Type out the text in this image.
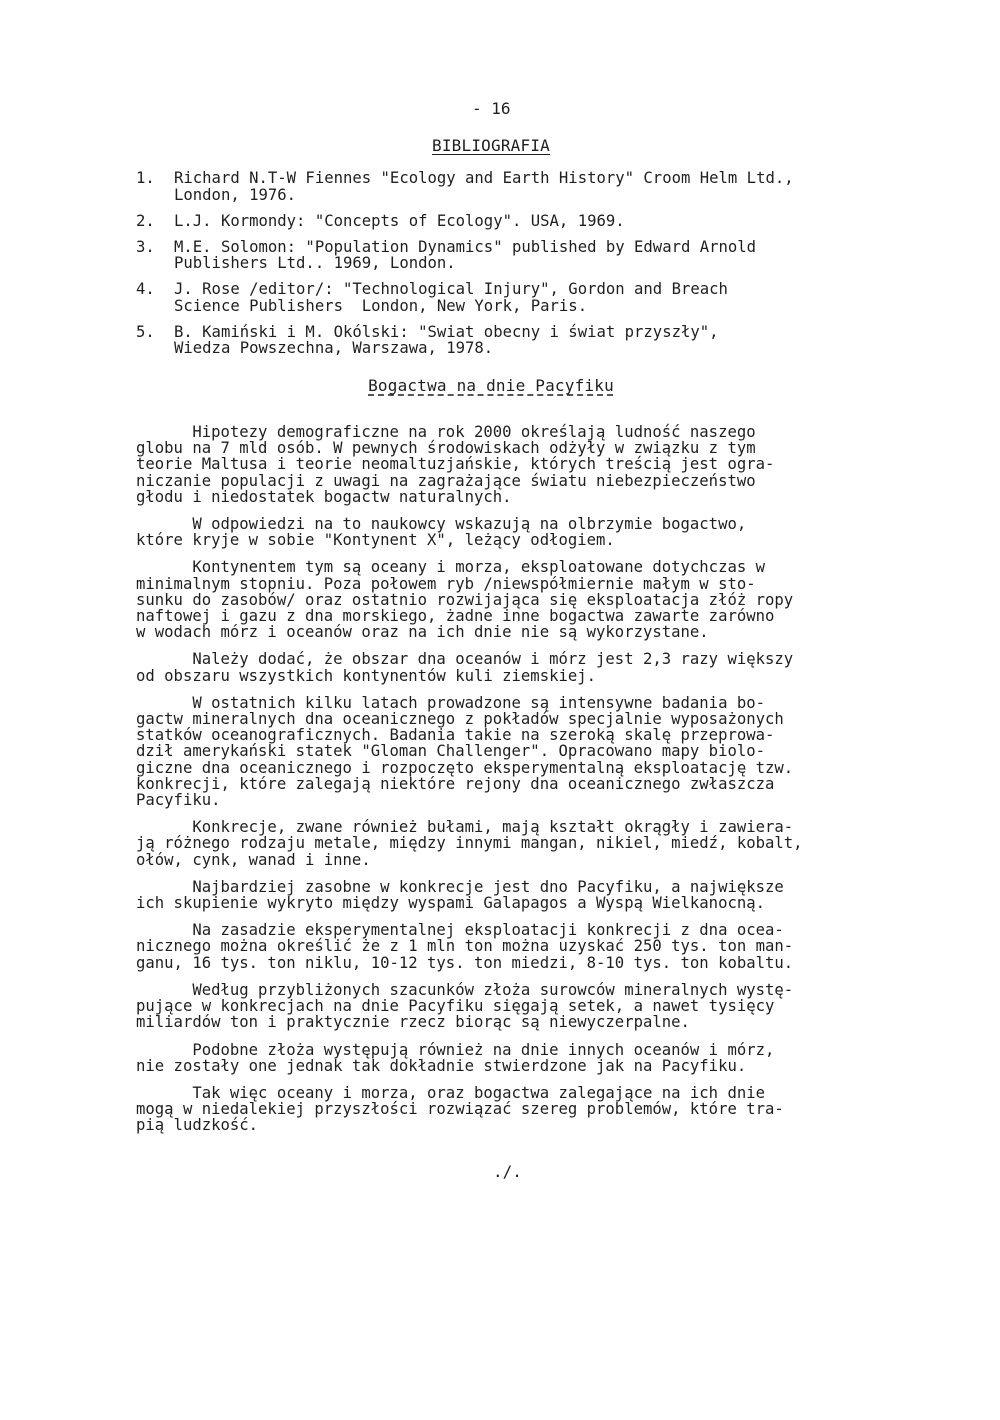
- 16
BIBLIOGRAFIA
1. Richard N.T-W Fiennes "Ecology and Earth History" Croom Helm Ltd.,
London, 1976.
2. L.J. Kormondy: "Concepts of Ecology". USA, 1969.
3. M.E. Solomon: "Population Dynamics" published by Edward Arnold
Publishers Ltd.. 1969, London.
4. J. Rose /editor/: "Technological Injury", Gordon and Breach
Science Publishers  London, New York, Paris.
5. B. Kamiński i M. Okólski: "Swiat obecny i świat przyszły",
Wiedza Powszechna, Warszawa, 1978.
Bogactwa na dnie Pacyfiku
Hipotezy demograficzne na rok 2000 określają ludność naszego
globu na 7 mld osób. W pewnych środowiskach odżyły w związku z tym
teorie Maltusa i teorie neomaltuzjańskie, których treścią jest ogra-
niczanie populacji z uwagi na zagrażające światu niebezpieczeństwo
głodu i niedostatek bogactw naturalnych.
W odpowiedzi na to naukowcy wskazują na olbrzymie bogactwo,
które kryje w sobie "Kontynent X", leżący odłogiem.
Kontynentem tym są oceany i morza, eksploatowane dotychczas w
minimalnym stopniu. Poza połowem ryb /niewspółmiernie małym w sto-
sunku do zasobów/ oraz ostatnio rozwijająca się eksploatacja złóż ropy
naftowej i gazu z dna morskiego, żadne inne bogactwa zawarte zarówno
w wodach mórz i oceanów oraz na ich dnie nie są wykorzystane.
Należy dodać, że obszar dna oceanów i mórz jest 2,3 razy większy
od obszaru wszystkich kontynentów kuli ziemskiej.
W ostatnich kilku latach prowadzone są intensywne badania bo-
gactw mineralnych dna oceanicznego z pokładów specjalnie wyposażonych
statków oceanograficznych. Badania takie na szeroką skalę przeprowa-
dził amerykański statek "Gloman Challenger". Opracowano mapy biolo-
giczne dna oceanicznego i rozpoczęto eksperymentalną eksploatację tzw.
konkrecji, które zalegają niektóre rejony dna oceanicznego zwłaszcza
Pacyfiku.
Konkrecje, zwane również bułami, mają kształt okrągły i zawiera-
ją różnego rodzaju metale, między innymi mangan, nikiel, miedź, kobalt,
ołów, cynk, wanad i inne.
Najbardziej zasobne w konkrecje jest dno Pacyfiku, a największe
ich skupienie wykryto między wyspami Galapagos a Wyspą Wielkanocną.
Na zasadzie eksperymentalnej eksploatacji konkrecji z dna ocea-
nicznego można określić że z 1 mln ton można uzyskać 250 tys. ton man-
ganu, 16 tys. ton niklu, 10-12 tys. ton miedzi, 8-10 tys. ton kobaltu.
Według przybliżonych szacunków złoża surowców mineralnych wystę-
pujące w konkrecjach na dnie Pacyfiku sięgają setek, a nawet tysięcy
miliardów ton i praktycznie rzecz biorąc są niewyczerpalne.
Podobne złoża występują również na dnie innych oceanów i mórz,
nie zostały one jednak tak dokładnie stwierdzone jak na Pacyfiku.
Tak więc oceany i morza, oraz bogactwa zalegające na ich dnie
mogą w niedalekiej przyszłości rozwiązać szereg problemów, które tra-
pią ludzkość.
./.
